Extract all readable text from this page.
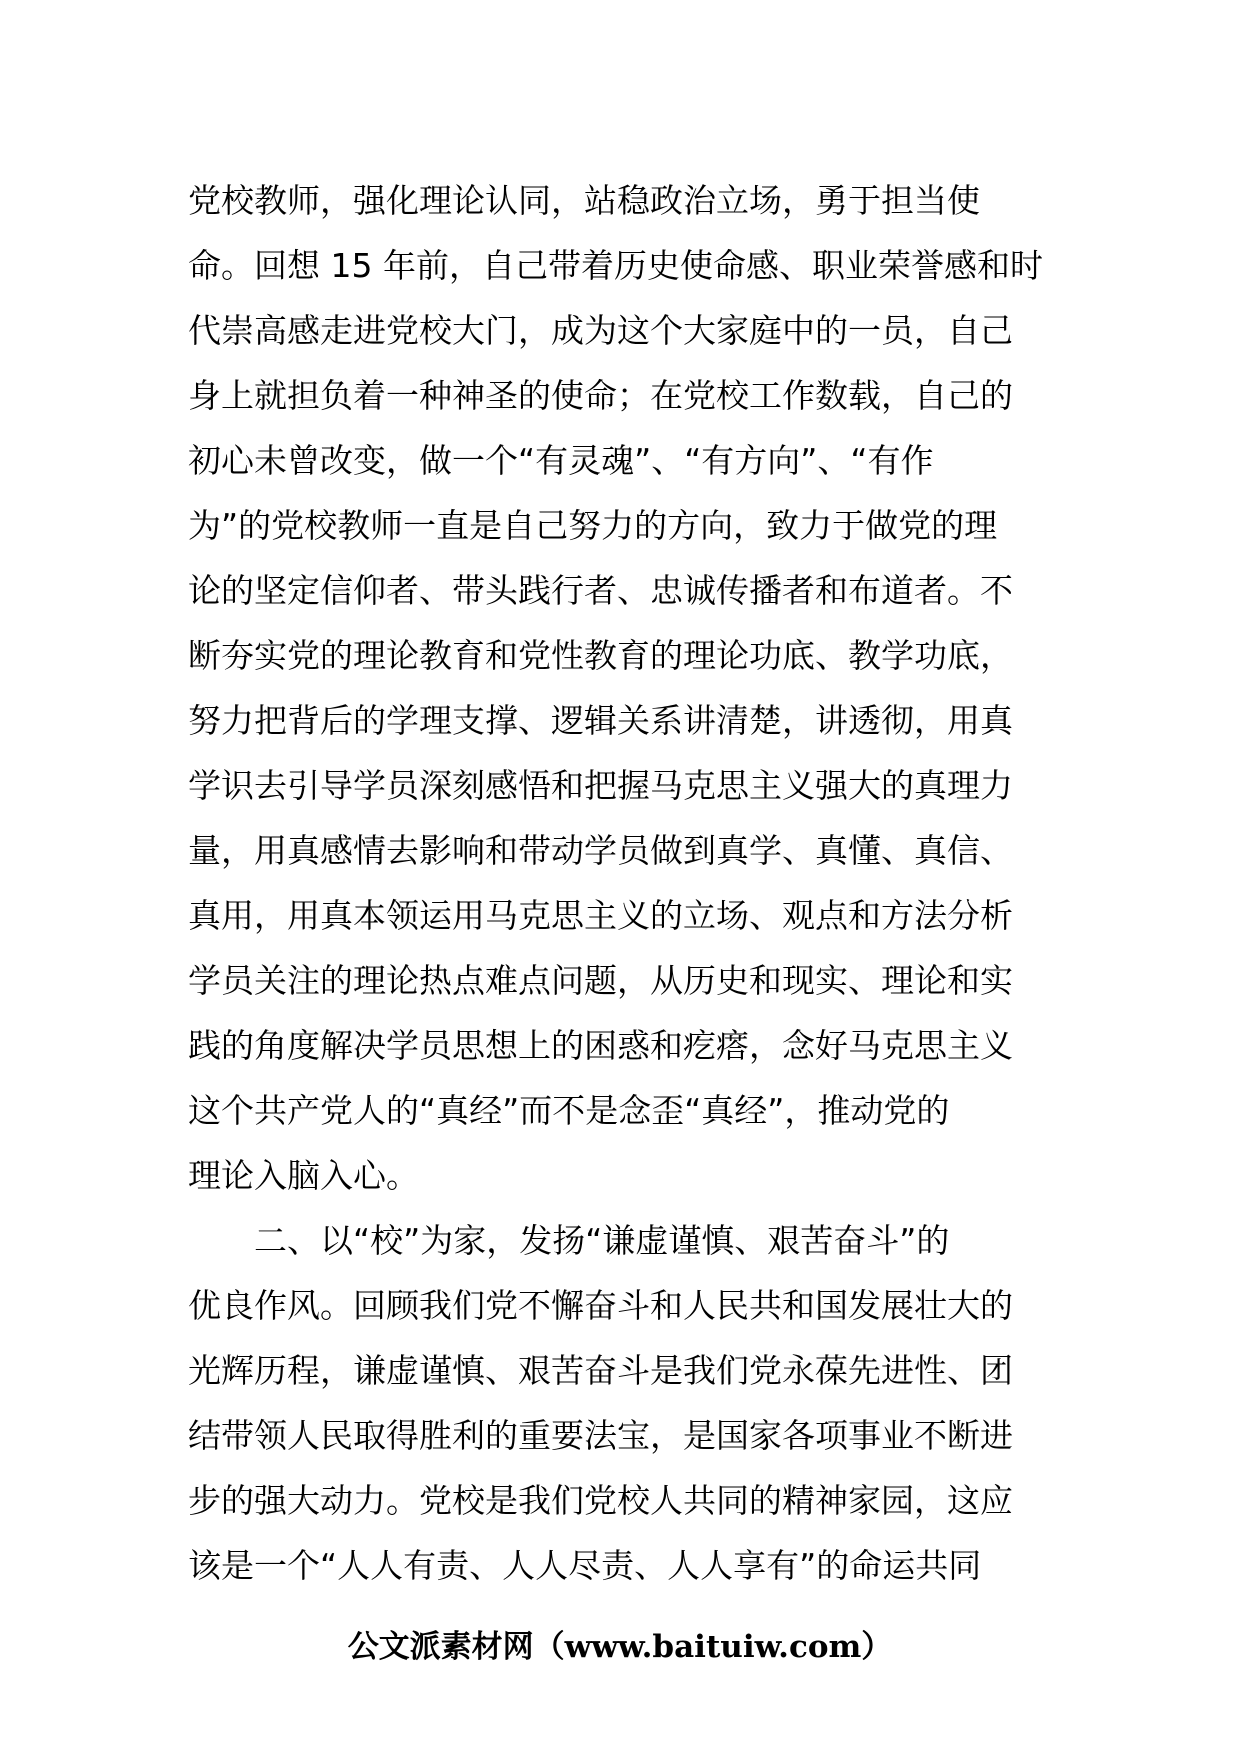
党校教师，强化理论认同，站稳政治立场，勇于担当使
命。回想 15 年前，自己带着历史使命感、职业荣誉感和时
代崇高感走进党校大门，成为这个大家庭中的一员，自己
身上就担负着一种神圣的使命；在党校工作数载，自己的
初心未曾改变，做一个“有灵魂”、“有方向”、“有作
为”的党校教师一直是自己努力的方向，致力于做党的理
论的坚定信仰者、带头践行者、忠诚传播者和布道者。不
断夯实党的理论教育和党性教育的理论功底、教学功底，
努力把背后的学理支撑、逻辑关系讲清楚，讲透彻，用真
学识去引导学员深刻感悟和把握马克思主义强大的真理力
量，用真感情去影响和带动学员做到真学、真懂、真信、
真用，用真本领运用马克思主义的立场、观点和方法分析
学员关注的理论热点难点问题，从历史和现实、理论和实
践的角度解决学员思想上的困惑和疙瘩，念好马克思主义
这个共产党人的“真经”而不是念歪“真经”，推动党的
理论入脑入心。
二、以“校”为家，发扬“谦虚谨慎、艰苦奋斗”的
优良作风。回顾我们党不懈奋斗和人民共和国发展壮大的
光辉历程，谦虚谨慎、艰苦奋斗是我们党永葆先进性、团
结带领人民取得胜利的重要法宝，是国家各项事业不断进
步的强大动力。党校是我们党校人共同的精神家园，这应
该是一个“人人有责、人人尽责、人人享有”的命运共同
公文派素材网（www.baituiw.com）
